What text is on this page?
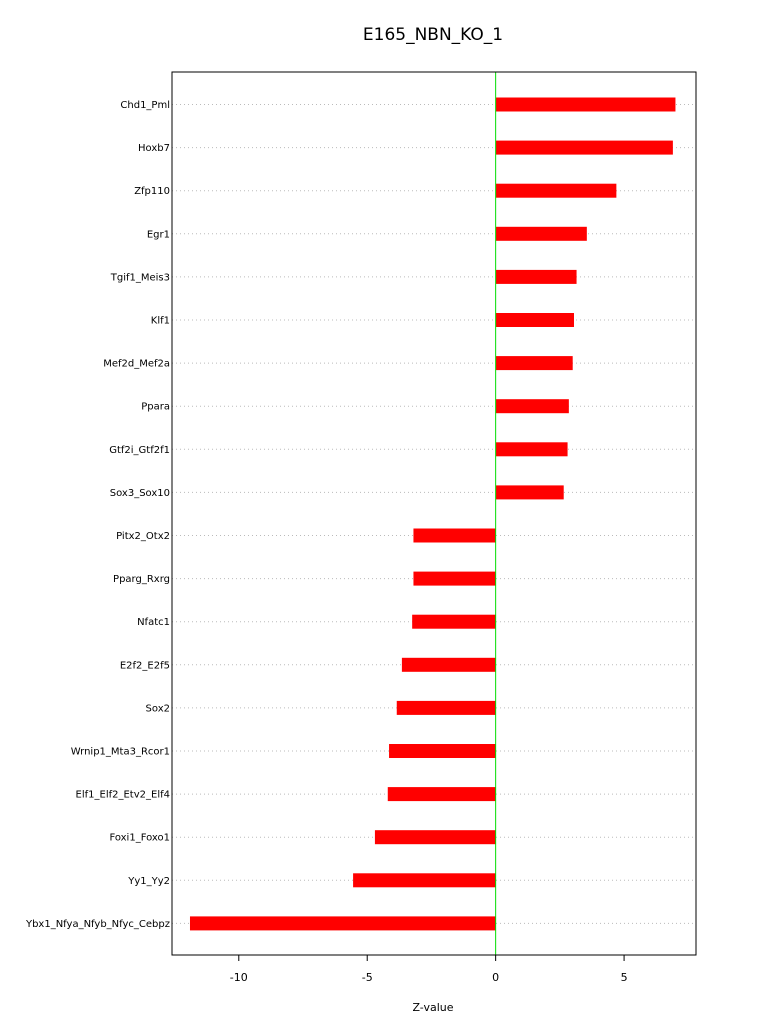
E165_NBN_KO_1
Chd1_Pml
Hoxb7
Zfp110
Egr1
Tgif1_Meis3
Klf1
Mef2d_Mef2a
Ppara
Gtf2i_Gtf2f1
Sox3_Sox10
Pitx2_Otx2
Pparg_Rxrg
Nfatc1
E2f2_E2f5
Sox2
Wrnip1_Mta3_Rcor1
Elf1_Elf2_Etv2_Elf4
Foxi1_Foxo1
Yy1_Yy2
Ybx1_Nfya_Nfyb_Nfyc_Cebpz
-10	-5	0	5
Z-value
